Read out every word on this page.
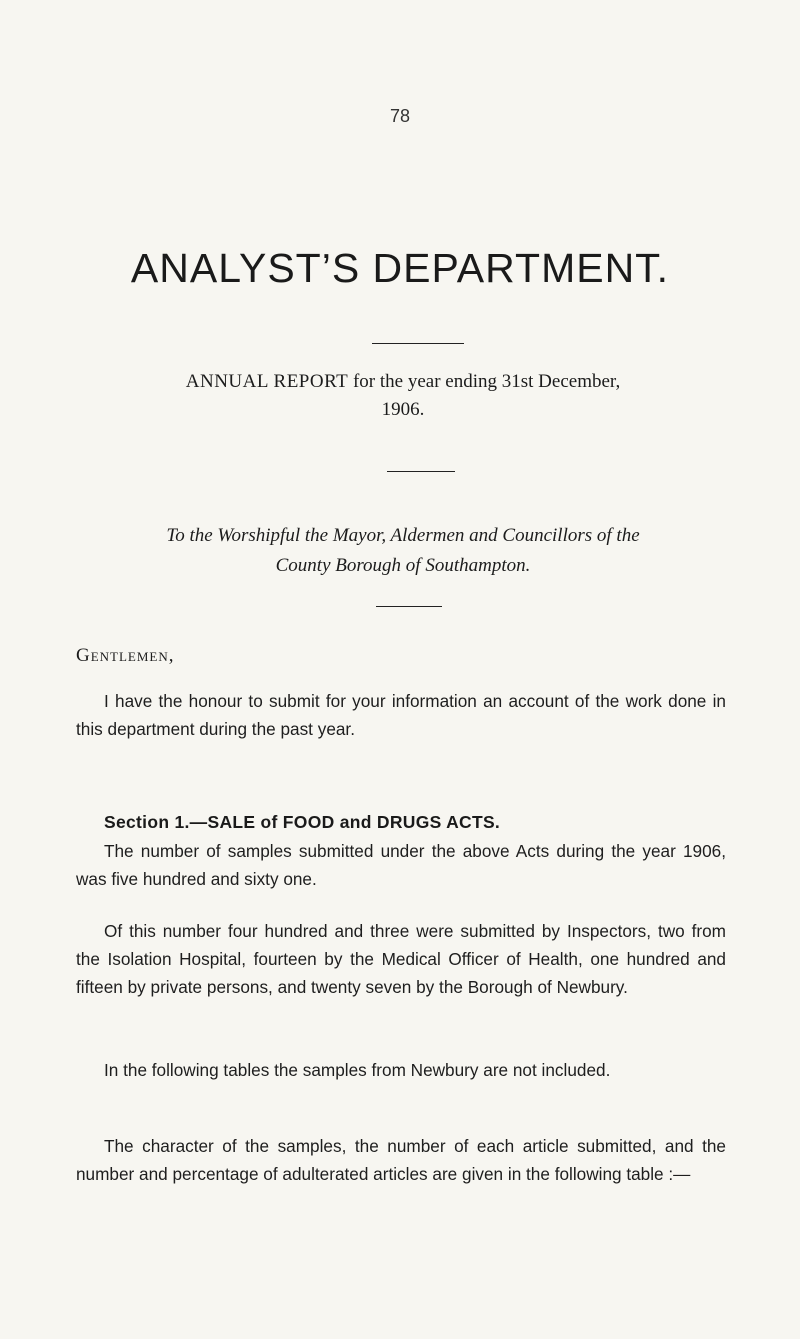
78
ANALYST’S DEPARTMENT.
ANNUAL REPORT for the year ending 31st December,
1906.
To the Worshipful the Mayor, Aldermen and Councillors of the
County Borough of Southampton.
Gentlemen,
I have the honour to submit for your information an account of the work done in this department during the past year.
Section 1.—SALE of FOOD and DRUGS ACTS.
The number of samples submitted under the above Acts during the year 1906, was five hundred and sixty one.
Of this number four hundred and three were submitted by Inspectors, two from the Isolation Hospital, fourteen by the Medical Officer of Health, one hundred and fifteen by private persons, and twenty seven by the Borough of Newbury.
In the following tables the samples from Newbury are not included.
The character of the samples, the number of each article submitted, and the number and percentage of adulterated articles are given in the following table :—
